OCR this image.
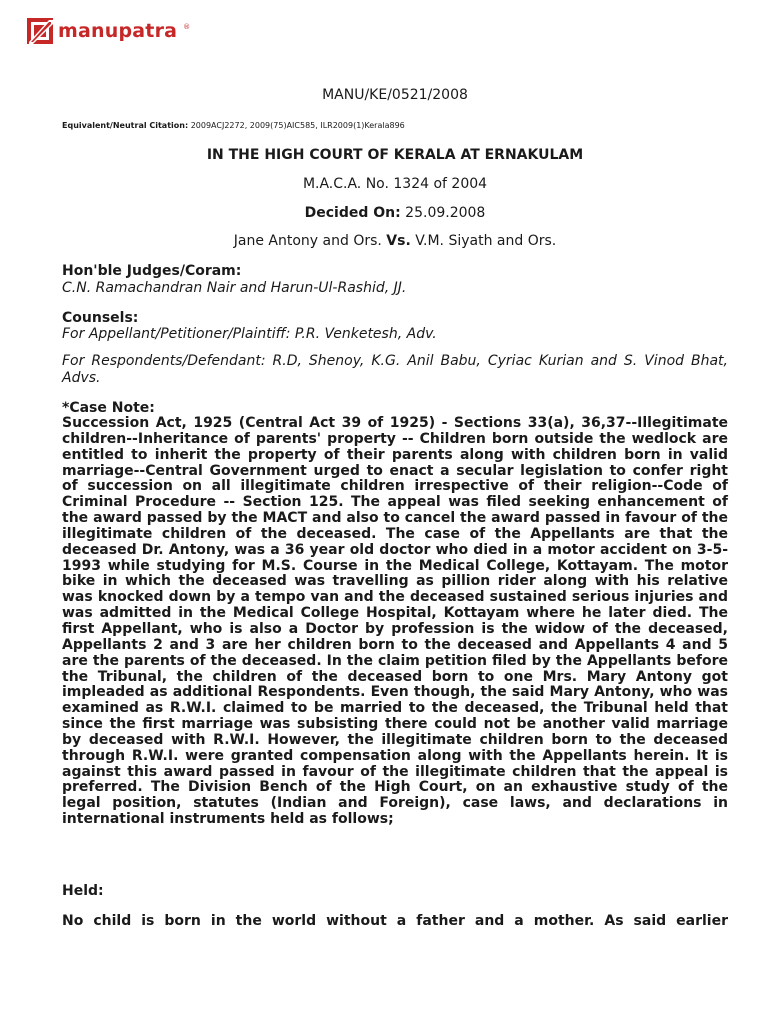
manupatra ®
MANU/KE/0521/2008
Equivalent/Neutral Citation: 2009ACJ2272, 2009(75)AIC585, ILR2009(1)Kerala896
IN THE HIGH COURT OF KERALA AT ERNAKULAM
M.A.C.A. No. 1324 of 2004
Decided On: 25.09.2008
Jane Antony and Ors. Vs. V.M. Siyath and Ors.
Hon'ble Judges/Coram:
C.N. Ramachandran Nair and Harun-Ul-Rashid, JJ.
Counsels:
For Appellant/Petitioner/Plaintiff: P.R. Venketesh, Adv.
For Respondents/Defendant: R.D, Shenoy, K.G. Anil Babu, Cyriac Kurian and S. Vinod Bhat, Advs.
*Case Note:
Succession Act, 1925 (Central Act 39 of 1925) - Sections 33(a), 36,37--Illegitimate children--Inheritance of parents' property -- Children born outside the wedlock are entitled to inherit the property of their parents along with children born in valid marriage--Central Government urged to enact a secular legislation to confer right of succession on all illegitimate children irrespective of their religion--Code of Criminal Procedure -- Section 125. The appeal was filed seeking enhancement of the award passed by the MACT and also to cancel the award passed in favour of the illegitimate children of the deceased. The case of the Appellants are that the deceased Dr. Antony, was a 36 year old doctor who died in a motor accident on 3-5-1993 while studying for M.S. Course in the Medical College, Kottayam. The motor bike in which the deceased was travelling as pillion rider along with his relative was knocked down by a tempo van and the deceased sustained serious injuries and was admitted in the Medical College Hospital, Kottayam where he later died. The first Appellant, who is also a Doctor by profession is the widow of the deceased, Appellants 2 and 3 are her children born to the deceased and Appellants 4 and 5 are the parents of the deceased. In the claim petition filed by the Appellants before the Tribunal, the children of the deceased born to one Mrs. Mary Antony got impleaded as additional Respondents. Even though, the said Mary Antony, who was examined as R.W.I. claimed to be married to the deceased, the Tribunal held that since the first marriage was subsisting there could not be another valid marriage by deceased with R.W.I. However, the illegitimate children born to the deceased through R.W.I. were granted compensation along with the Appellants herein. It is against this award passed in favour of the illegitimate children that the appeal is preferred. The Division Bench of the High Court, on an exhaustive study of the legal position, statutes (Indian and Foreign), case laws, and declarations in international instruments held as follows;
Held:
No child is born in the world without a father and a mother. As said earlier
